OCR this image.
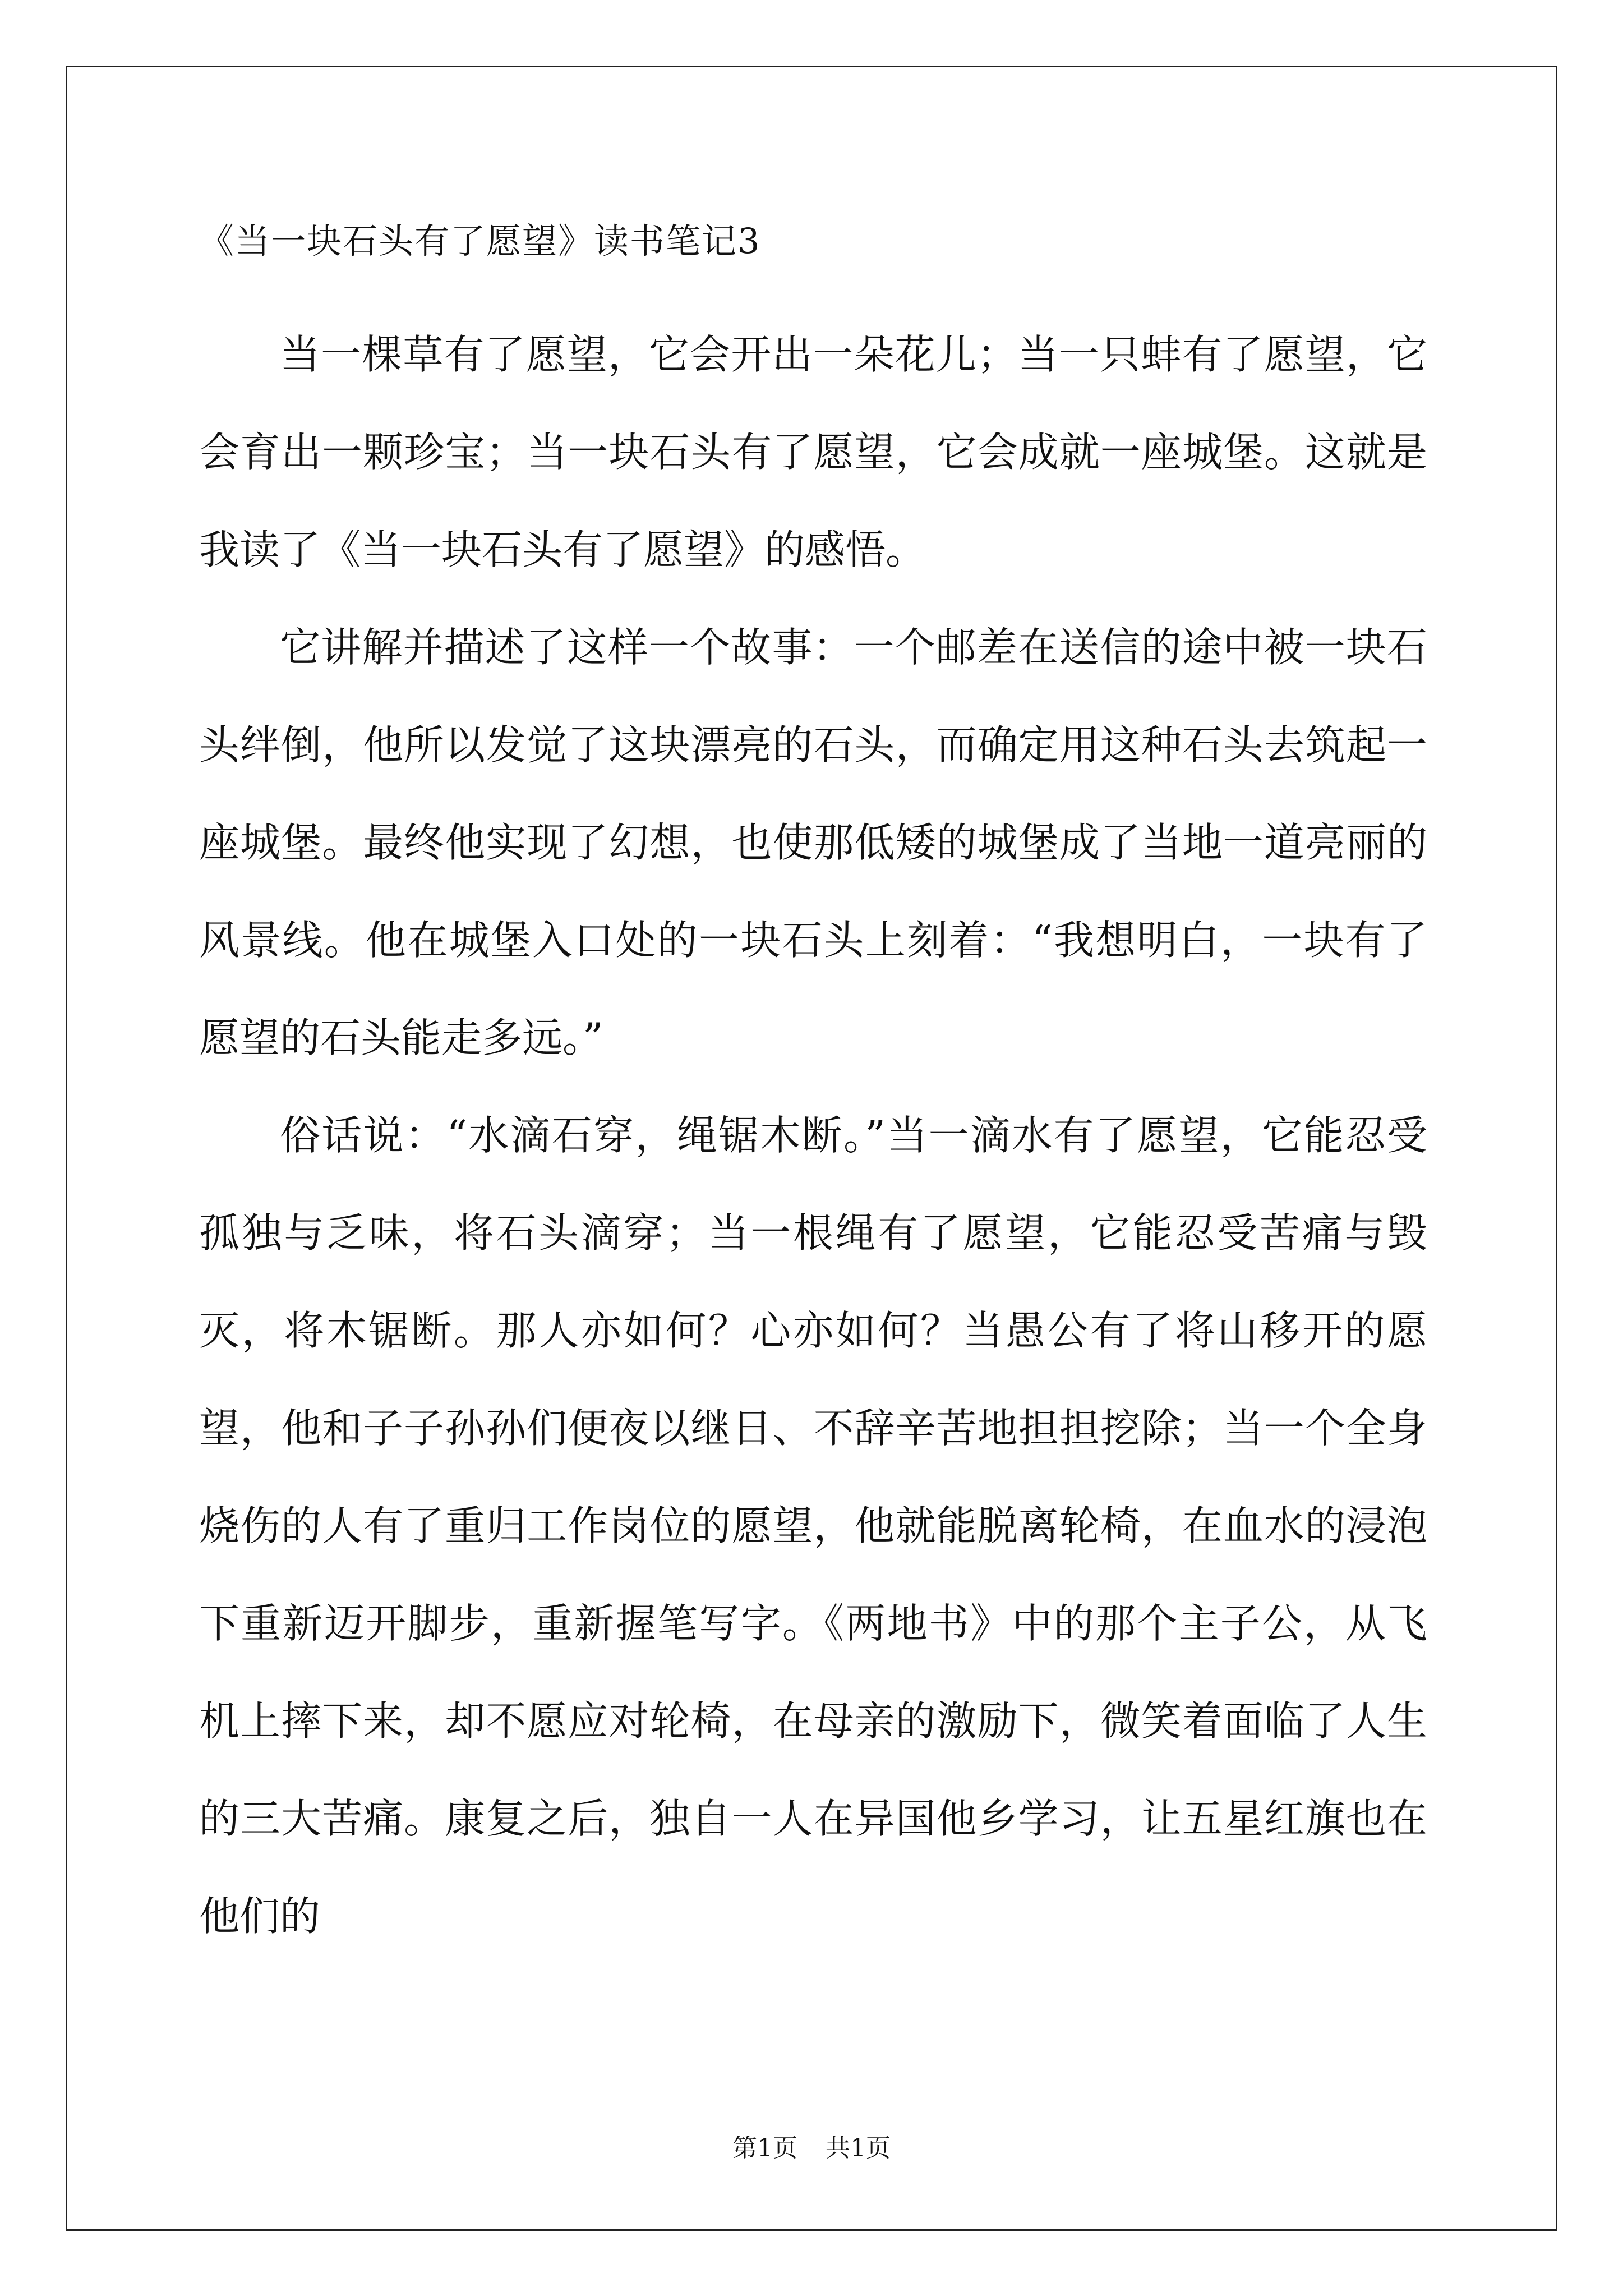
《当一块石头有了愿望》读书笔记3

当一棵草有了愿望，它会开出一朵花儿；当一只蚌有了愿望，它会育出一颗珍宝；当一块石头有了愿望，它会成就一座城堡。这就是我读了《当一块石头有了愿望》的感悟。

它讲解并描述了这样一个故事：一个邮差在送信的途中被一块石头绊倒，他所以发觉了这块漂亮的石头，而确定用这种石头去筑起一座城堡。最终他实现了幻想，也使那低矮的城堡成了当地一道亮丽的风景线。他在城堡入口处的一块石头上刻着：“我想明白，一块有了愿望的石头能走多远。”

俗话说：“水滴石穿，绳锯木断。”当一滴水有了愿望，它能忍受孤独与乏味，将石头滴穿；当一根绳有了愿望，它能忍受苦痛与毁灭，将木锯断。那人亦如何？心亦如何？当愚公有了将山移开的愿望，他和子子孙孙们便夜以继日、不辞辛苦地担担挖除；当一个全身烧伤的人有了重归工作岗位的愿望，他就能脱离轮椅，在血水的浸泡下重新迈开脚步，重新握笔写字。《两地书》中的那个主子公，从飞机上摔下来，却不愿应对轮椅，在母亲的激励下，微笑着面临了人生的三大苦痛。康复之后，独自一人在异国他乡学习，让五星红旗也在他们的

第1页 共1页
